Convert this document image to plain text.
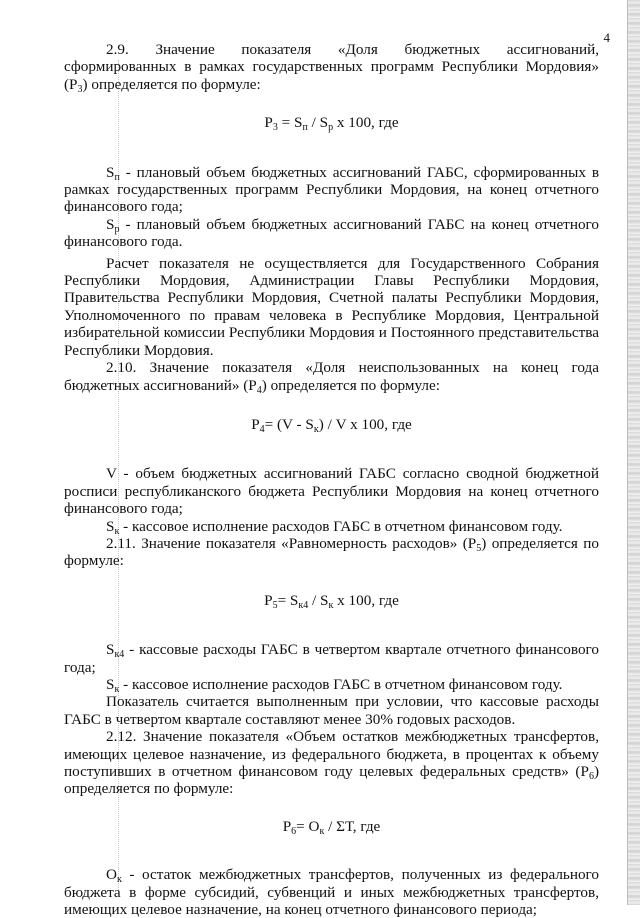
4

2.9. Значение показателя «Доля бюджетных ассигнований, сформированных в рамках государственных программ Республики Мордовия» $(Р_3)$ определяется по формуле:

$Р_3 = S_п / S_р$ х 100, где

$S_п$ - плановый объем бюджетных ассигнований ГАБС, сформированных в рамках государственных программ Республики Мордовия, на конец отчетного финансового года;

$S_р$ - плановый объем бюджетных ассигнований ГАБС на конец отчетного финансового года.

Расчет показателя не осуществляется для Государственного Собрания Республики Мордовия, Администрации Главы Республики Мордовия, Правительства Республики Мордовия, Счетной палаты Республики Мордовия, Уполномоченного по правам человека в Республике Мордовия, Центральной избирательной комиссии Республики Мордовия и Постоянного представительства Республики Мордовия.

2.10. Значение показателя «Доля неиспользованных на конец года бюджетных ассигнований» $(Р_4)$ определяется по формуле:

$Р_4= (V - S_к) / V$ х 100, где

V - объем бюджетных ассигнований ГАБС согласно сводной бюджетной росписи республиканского бюджета Республики Мордовия на конец отчетного финансового года;

$S_к$ - кассовое исполнение расходов ГАБС в отчетном финансовом году.

2.11. Значение показателя «Равномерность расходов» $(Р_5)$ определяется по формуле:

$Р_5= S_{к4} / S_к$ х 100, где

$S_{к4}$ - кассовые расходы ГАБС в четвертом квартале отчетного финансового года;

$S_к$ - кассовое исполнение расходов ГАБС в отчетном финансовом году.

Показатель считается выполненным при условии, что кассовые расходы ГАБС в четвертом квартале составляют менее 30% годовых расходов.

2.12. Значение показателя «Объем остатков межбюджетных трансфертов, имеющих целевое назначение, из федерального бюджета, в процентах к объему поступивших в отчетном финансовом году целевых федеральных средств» $(Р_6)$ определяется по формуле:

$Р_6= O_к / \Sigma Т$, где

$О_к$ - остаток межбюджетных трансфертов, полученных из федерального бюджета в форме субсидий, субвенций и иных межбюджетных трансфертов, имеющих целевое назначение, на конец отчетного финансового периода;
